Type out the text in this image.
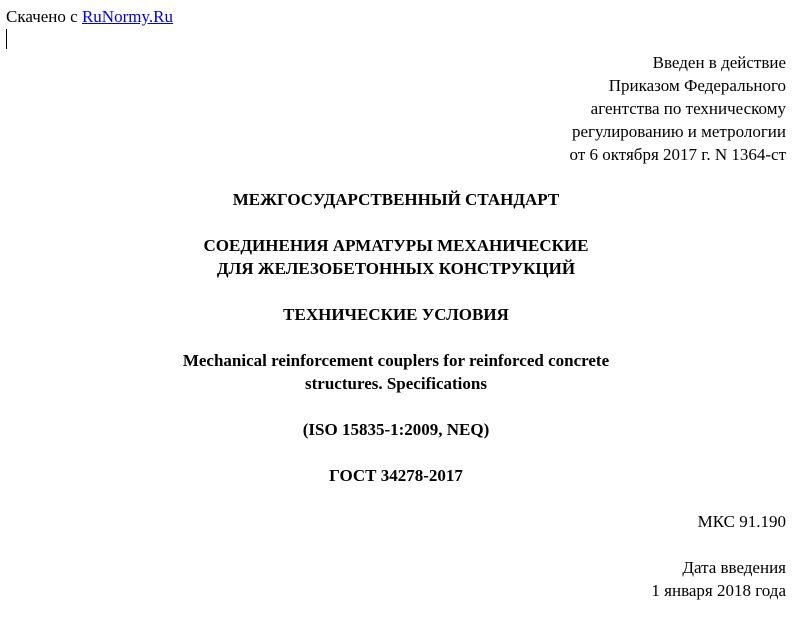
Скачено с RuNormy.Ru
Введен в действие
Приказом Федерального
агентства по техническому
регулированию и метрологии
от 6 октября 2017 г. N 1364-ст
МЕЖГОСУДАРСТВЕННЫЙ СТАНДАРТ
СОЕДИНЕНИЯ АРМАТУРЫ МЕХАНИЧЕСКИЕ
ДЛЯ ЖЕЛЕЗОБЕТОННЫХ КОНСТРУКЦИЙ
ТЕХНИЧЕСКИЕ УСЛОВИЯ
Mechanical reinforcement couplers for reinforced concrete
structures. Specifications
(ISO 15835-1:2009, NEQ)
ГОСТ 34278-2017
МКС 91.190
Дата введения
1 января 2018 года
